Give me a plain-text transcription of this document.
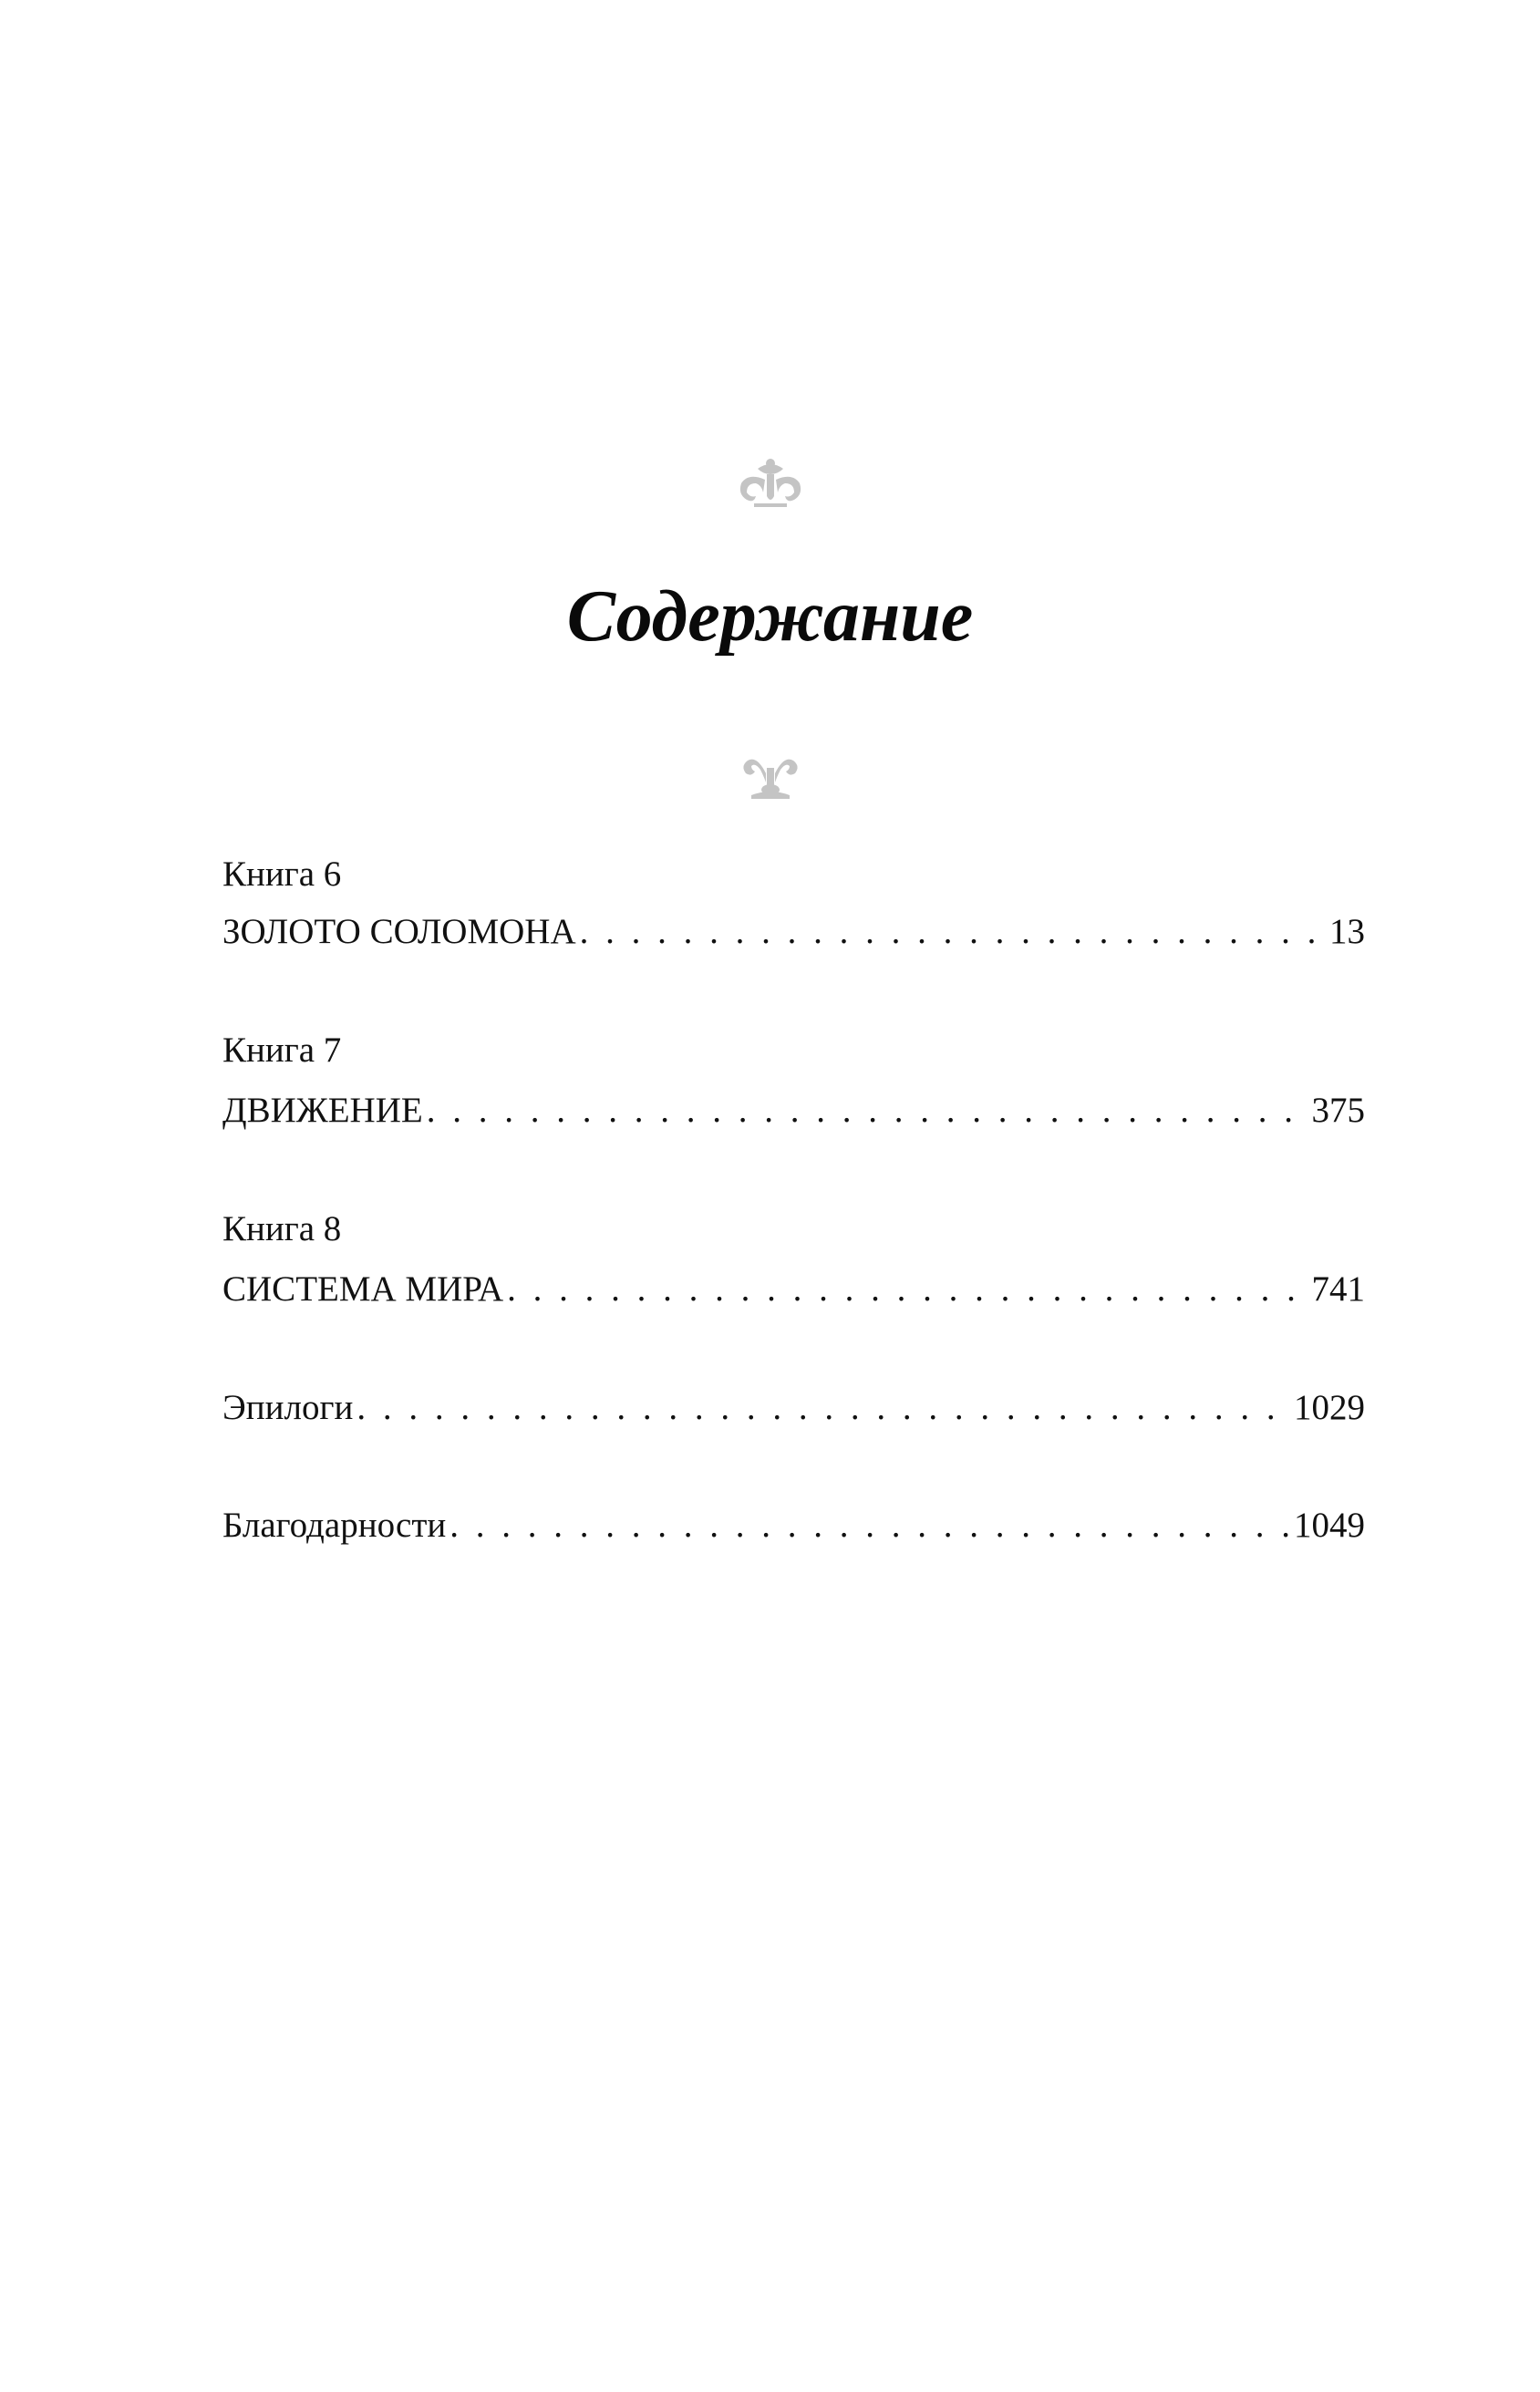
Содержание
Книга 6
ЗОЛОТО СОЛОМОНА . . .	13
Книга 7
ДВИЖЕНИЕ . . .	375
Книга 8
СИСТЕМА МИРА . . .	741
Эпилоги . . .	1029
Благодарности . . .	1049
